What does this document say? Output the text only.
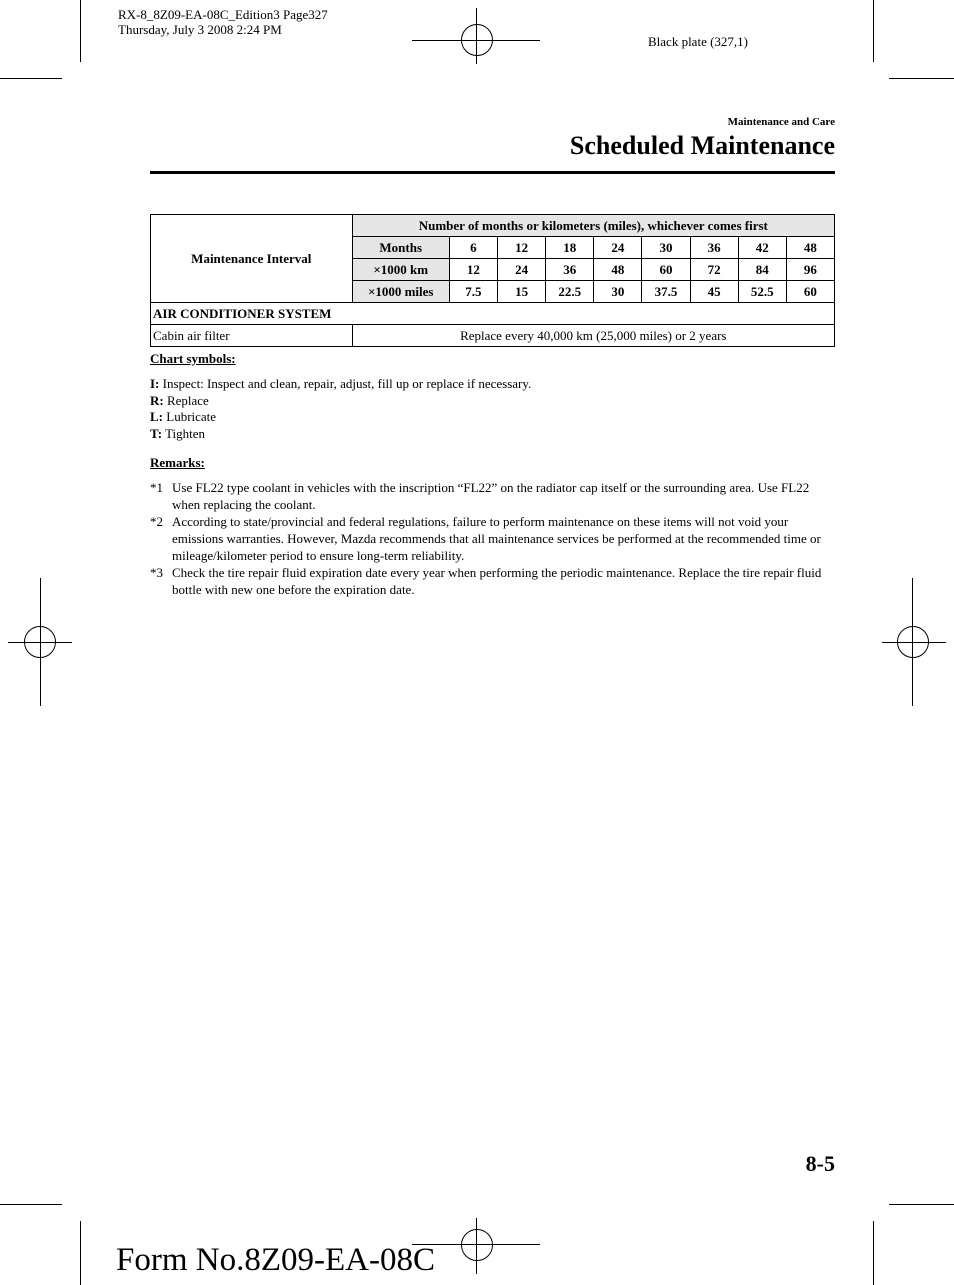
RX-8_8Z09-EA-08C_Edition3 Page327
Thursday, July 3 2008 2:24 PM
Black plate (327,1)
Maintenance and Care
Scheduled Maintenance
Maintenance Interval	Number of months or kilometers (miles), whichever comes first								
	Months	6	12	18	24	30	36	42	48
	×1000 km	12	24	36	48	60	72	84	96
	×1000 miles	7.5	15	22.5	30	37.5	45	52.5	60
AIR CONDITIONER SYSTEM									
Cabin air filter	Replace every 40,000 km (25,000 miles) or 2 years								
Chart symbols:
I: Inspect: Inspect and clean, repair, adjust, fill up or replace if necessary.
R: Replace
L: Lubricate
T: Tighten
Remarks:
*1 Use FL22 type coolant in vehicles with the inscription “FL22” on the radiator cap itself or the surrounding area. Use FL22 when replacing the coolant.
*2 According to state/provincial and federal regulations, failure to perform maintenance on these items will not void your emissions warranties. However, Mazda recommends that all maintenance services be performed at the recommended time or mileage/kilometer period to ensure long-term reliability.
*3 Check the tire repair fluid expiration date every year when performing the periodic maintenance. Replace the tire repair fluid bottle with new one before the expiration date.
8-5
Form No.8Z09-EA-08C
